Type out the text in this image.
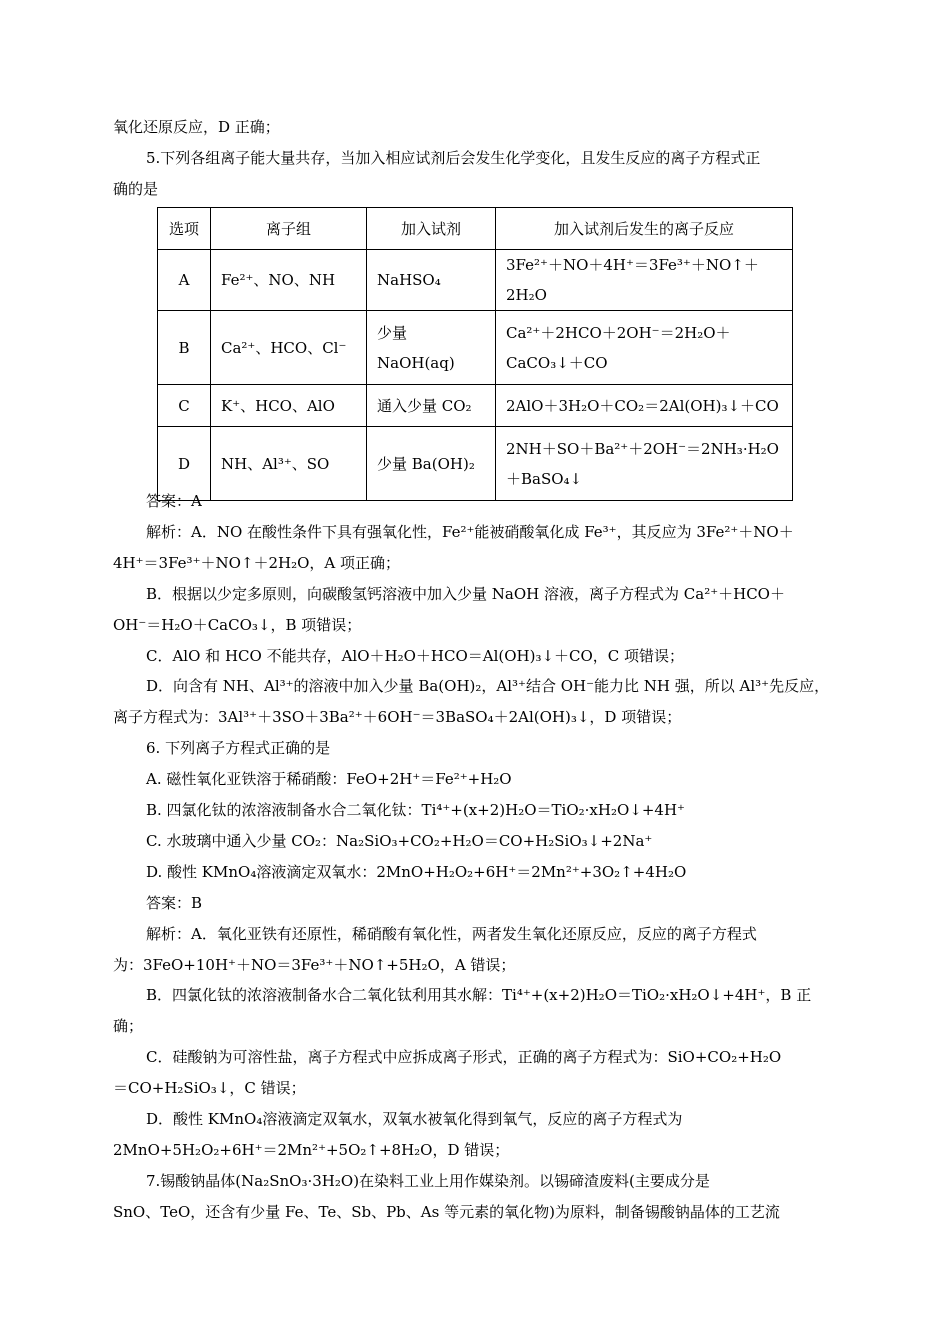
氧化还原反应，D 正确；
5.下列各组离子能大量共存，当加入相应试剂后会发生化学变化，且发生反应的离子方程式正
确的是
选项	离子组	加入试剂	加入试剂后发生的离子反应
A	Fe²⁺、NO、NH	NaHSO₄	3Fe²⁺＋NO＋4H⁺＝3Fe³⁺＋NO↑＋2H₂O
B	Ca²⁺、HCO、Cl⁻	少量 NaOH(aq)	Ca²⁺＋2HCO＋2OH⁻＝2H₂O＋CaCO₃↓＋CO
C	K⁺、HCO、AlO	通入少量 CO₂	2AlO＋3H₂O＋CO₂＝2Al(OH)₃↓＋CO
D	NH、Al³⁺、SO	少量 Ba(OH)₂	2NH＋SO＋Ba²⁺＋2OH⁻＝2NH₃·H₂O＋BaSO₄↓
答案：A
解析：A．NO 在酸性条件下具有强氧化性，Fe²⁺能被硝酸氧化成 Fe³⁺，其反应为 3Fe²⁺＋NO＋
4H⁺＝3Fe³⁺＋NO↑＋2H₂O，A 项正确；
B．根据以少定多原则，向碳酸氢钙溶液中加入少量 NaOH 溶液，离子方程式为 Ca²⁺＋HCO＋
OH⁻＝H₂O＋CaCO₃↓，B 项错误；
C．AlO 和 HCO 不能共存，AlO＋H₂O＋HCO＝Al(OH)₃↓＋CO，C 项错误；
D．向含有 NH、Al³⁺的溶液中加入少量 Ba(OH)₂，Al³⁺结合 OH⁻能力比 NH 强，所以 Al³⁺先反应，
离子方程式为：3Al³⁺＋3SO＋3Ba²⁺＋6OH⁻＝3BaSO₄＋2Al(OH)₃↓，D 项错误；
6. 下列离子方程式正确的是
A. 磁性氧化亚铁溶于稀硝酸：FeO+2H⁺＝Fe²⁺+H₂O
B. 四氯化钛的浓溶液制备水合二氧化钛：Ti⁴⁺+(x+2)H₂O＝TiO₂·xH₂O↓+4H⁺
C. 水玻璃中通入少量 CO₂：Na₂SiO₃+CO₂+H₂O＝CO+H₂SiO₃↓+2Na⁺
D. 酸性 KMnO₄溶液滴定双氧水：2MnO+H₂O₂+6H⁺＝2Mn²⁺+3O₂↑+4H₂O
答案：B
解析：A．氧化亚铁有还原性，稀硝酸有氧化性，两者发生氧化还原反应，反应的离子方程式
为：3FeO+10H⁺＋NO＝3Fe³⁺＋NO↑+5H₂O，A 错误；
B．四氯化钛的浓溶液制备水合二氧化钛利用其水解：Ti⁴⁺+(x+2)H₂O＝TiO₂·xH₂O↓+4H⁺，B 正
确；
C．硅酸钠为可溶性盐，离子方程式中应拆成离子形式，正确的离子方程式为：SiO+CO₂+H₂O
＝CO+H₂SiO₃↓，C 错误；
D．酸性 KMnO₄溶液滴定双氧水，双氧水被氧化得到氧气，反应的离子方程式为
2MnO+5H₂O₂+6H⁺＝2Mn²⁺+5O₂↑+8H₂O，D 错误；
7.锡酸钠晶体(Na₂SnO₃·3H₂O)在染料工业上用作媒染剂。以锡碲渣废料(主要成分是
SnO、TeO，还含有少量 Fe、Te、Sb、Pb、As 等元素的氧化物)为原料，制备锡酸钠晶体的工艺流
